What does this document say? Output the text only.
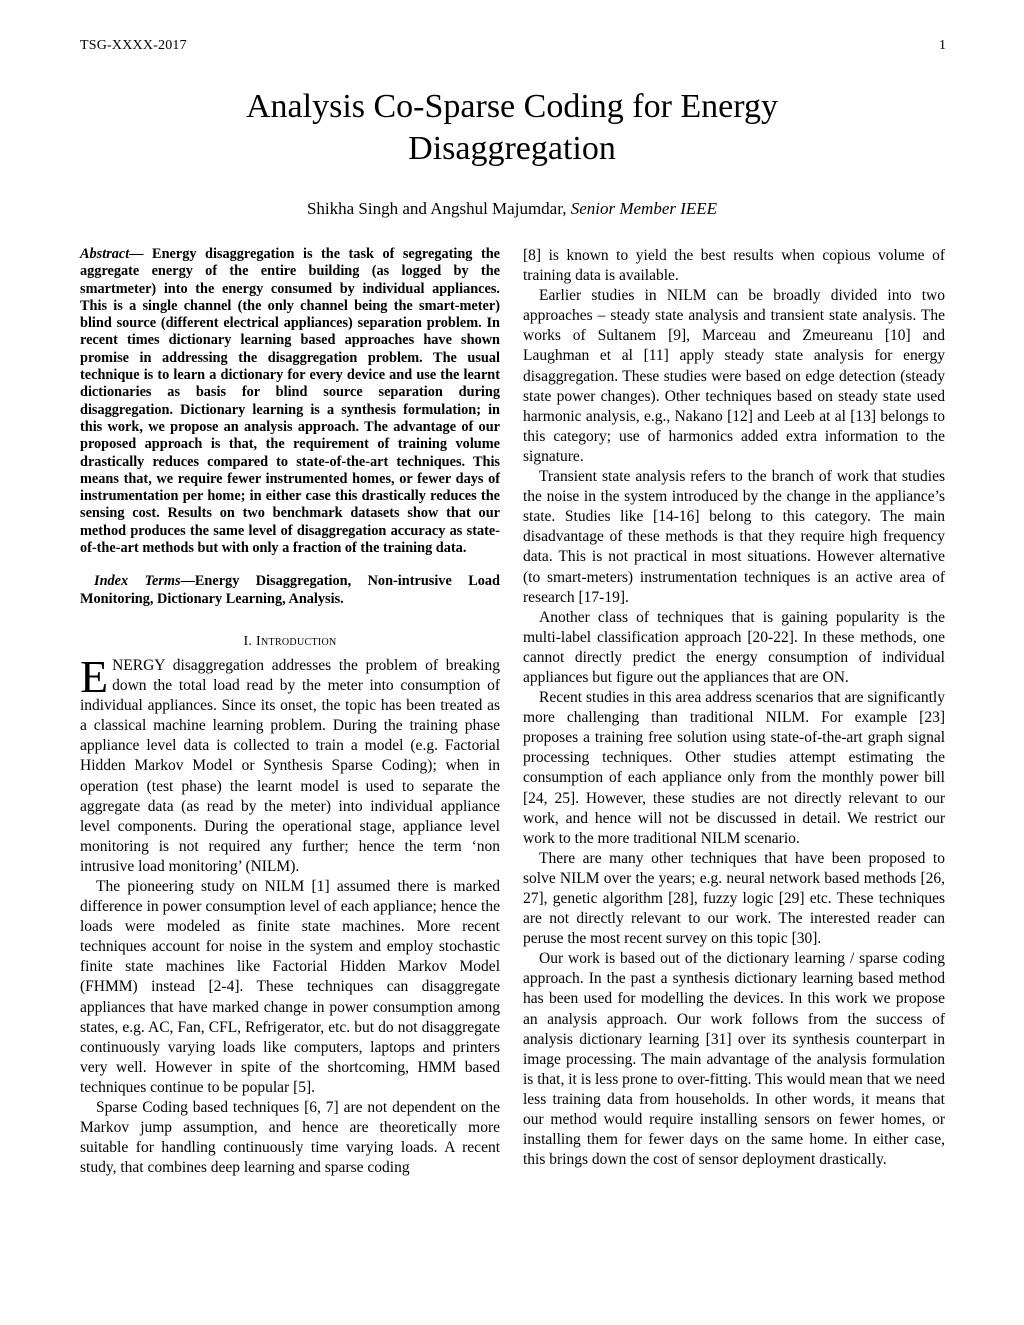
TSG-XXXX-2017	1
Analysis Co-Sparse Coding for Energy Disaggregation
Shikha Singh and Angshul Majumdar, Senior Member IEEE

Abstract— Energy disaggregation is the task of segregating the aggregate energy of the entire building (as logged by the smartmeter) into the energy consumed by individual appliances. This is a single channel (the only channel being the smart-meter) blind source (different electrical appliances) separation problem. In recent times dictionary learning based approaches have shown promise in addressing the disaggregation problem. The usual technique is to learn a dictionary for every device and use the learnt dictionaries as basis for blind source separation during disaggregation. Dictionary learning is a synthesis formulation; in this work, we propose an analysis approach. The advantage of our proposed approach is that, the requirement of training volume drastically reduces compared to state-of-the-art techniques. This means that, we require fewer instrumented homes, or fewer days of instrumentation per home; in either case this drastically reduces the sensing cost. Results on two benchmark datasets show that our method produces the same level of disaggregation accuracy as state-of-the-art methods but with only a fraction of the training data.

Index Terms—Energy Disaggregation, Non-intrusive Load Monitoring, Dictionary Learning, Analysis.

I. Introduction

ENERGY disaggregation addresses the problem of breaking down the total load read by the meter into consumption of individual appliances. Since its onset, the topic has been treated as a classical machine learning problem. During the training phase appliance level data is collected to train a model (e.g. Factorial Hidden Markov Model or Synthesis Sparse Coding); when in operation (test phase) the learnt model is used to separate the aggregate data (as read by the meter) into individual appliance level components. During the operational stage, appliance level monitoring is not required any further; hence the term ‘non intrusive load monitoring’ (NILM).

The pioneering study on NILM [1] assumed there is marked difference in power consumption level of each appliance; hence the loads were modeled as finite state machines. More recent techniques account for noise in the system and employ stochastic finite state machines like Factorial Hidden Markov Model (FHMM) instead [2-4]. These techniques can disaggregate appliances that have marked change in power consumption among states, e.g. AC, Fan, CFL, Refrigerator, etc. but do not disaggregate continuously varying loads like computers, laptops and printers very well. However in spite of the shortcoming, HMM based techniques continue to be popular [5].

Sparse Coding based techniques [6, 7] are not dependent on the Markov jump assumption, and hence are theoretically more suitable for handling continuously time varying loads. A recent study, that combines deep learning and sparse coding

[8] is known to yield the best results when copious volume of training data is available.

Earlier studies in NILM can be broadly divided into two approaches – steady state analysis and transient state analysis. The works of Sultanem [9], Marceau and Zmeureanu [10] and Laughman et al [11] apply steady state analysis for energy disaggregation. These studies were based on edge detection (steady state power changes). Other techniques based on steady state used harmonic analysis, e.g., Nakano [12] and Leeb at al [13] belongs to this category; use of harmonics added extra information to the signature.

Transient state analysis refers to the branch of work that studies the noise in the system introduced by the change in the appliance’s state. Studies like [14-16] belong to this category. The main disadvantage of these methods is that they require high frequency data. This is not practical in most situations. However alternative (to smart-meters) instrumentation techniques is an active area of research [17-19].

Another class of techniques that is gaining popularity is the multi-label classification approach [20-22]. In these methods, one cannot directly predict the energy consumption of individual appliances but figure out the appliances that are ON.

Recent studies in this area address scenarios that are significantly more challenging than traditional NILM. For example [23] proposes a training free solution using state-of-the-art graph signal processing techniques. Other studies attempt estimating the consumption of each appliance only from the monthly power bill [24, 25]. However, these studies are not directly relevant to our work, and hence will not be discussed in detail. We restrict our work to the more traditional NILM scenario.

There are many other techniques that have been proposed to solve NILM over the years; e.g. neural network based methods [26, 27], genetic algorithm [28], fuzzy logic [29] etc. These techniques are not directly relevant to our work. The interested reader can peruse the most recent survey on this topic [30].

Our work is based out of the dictionary learning / sparse coding approach. In the past a synthesis dictionary learning based method has been used for modelling the devices. In this work we propose an analysis approach. Our work follows from the success of analysis dictionary learning [31] over its synthesis counterpart in image processing. The main advantage of the analysis formulation is that, it is less prone to over-fitting. This would mean that we need less training data from households. In other words, it means that our method would require installing sensors on fewer homes, or installing them for fewer days on the same home. In either case, this brings down the cost of sensor deployment drastically.
